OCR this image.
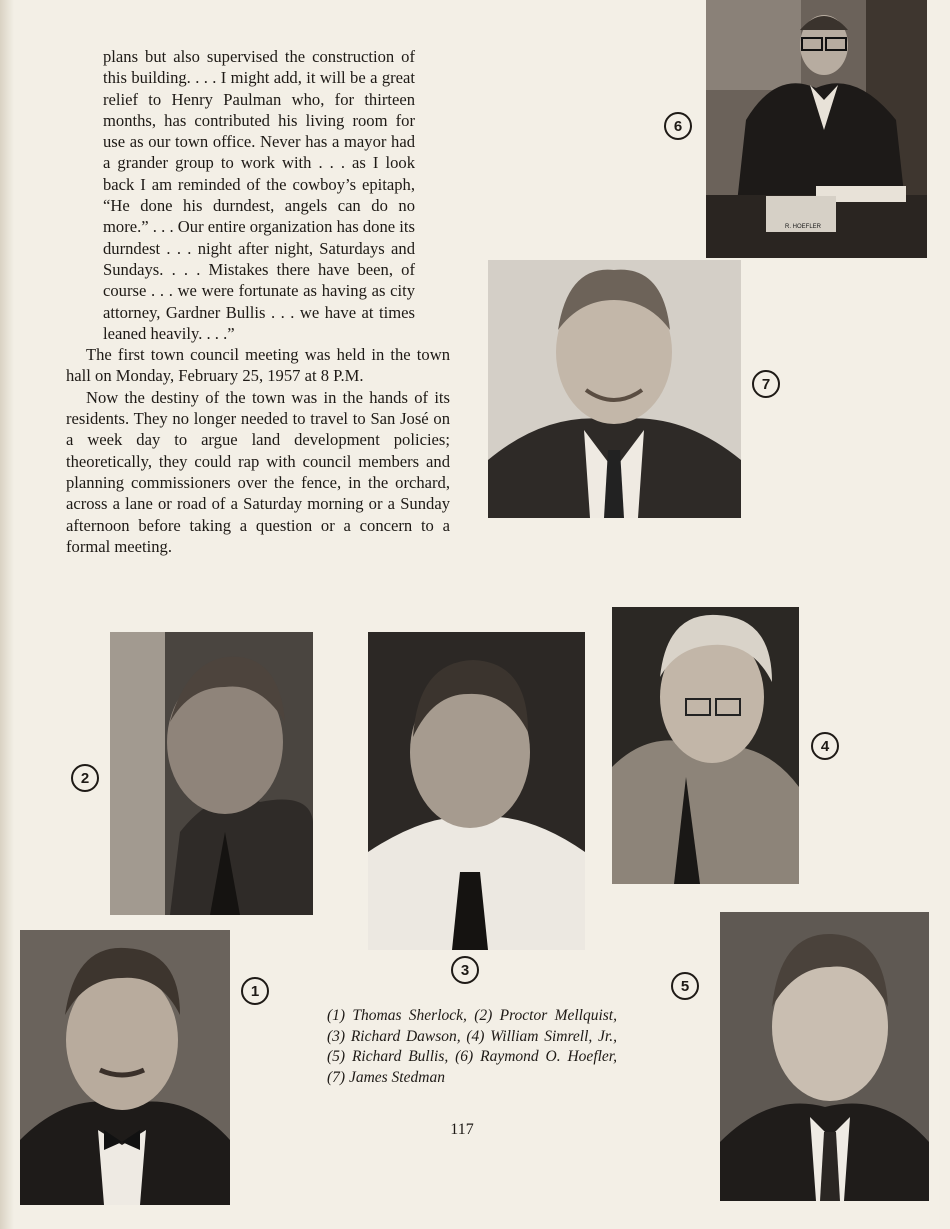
plans but also supervised the construction of this building. . . . I might add, it will be a great relief to Henry Paulman who, for thirteen months, has contributed his living room for use as our town office. Never has a mayor had a grander group to work with . . . as I look back I am reminded of the cowboy’s epitaph, “He done his durndest, angels can do no more.” . . . Our entire organization has done its durndest . . . night after night, Saturdays and Sundays. . . . Mistakes there have been, of course . . . we were fortunate as having as city attorney, Gardner Bullis . . . we have at times leaned heavily. . . .”

The first town council meeting was held in the town hall on Monday, February 25, 1957 at 8 P.M.

Now the destiny of the town was in the hands of its residents. They no longer needed to travel to San José on a week day to argue land development policies; theoretically, they could rap with council members and planning commissioners over the fence, in the orchard, across a lane or road of a Saturday morning or a Sunday afternoon before taking a question or a concern to a formal meeting.

R. HOEFLER
6
7
2
3
4
1	5
(1) Thomas Sherlock, (2) Proctor Mellquist, (3) Richard Dawson, (4) William Simrell, Jr., (5) Richard Bullis, (6) Raymond O. Hoefler, (7) James Stedman
117
